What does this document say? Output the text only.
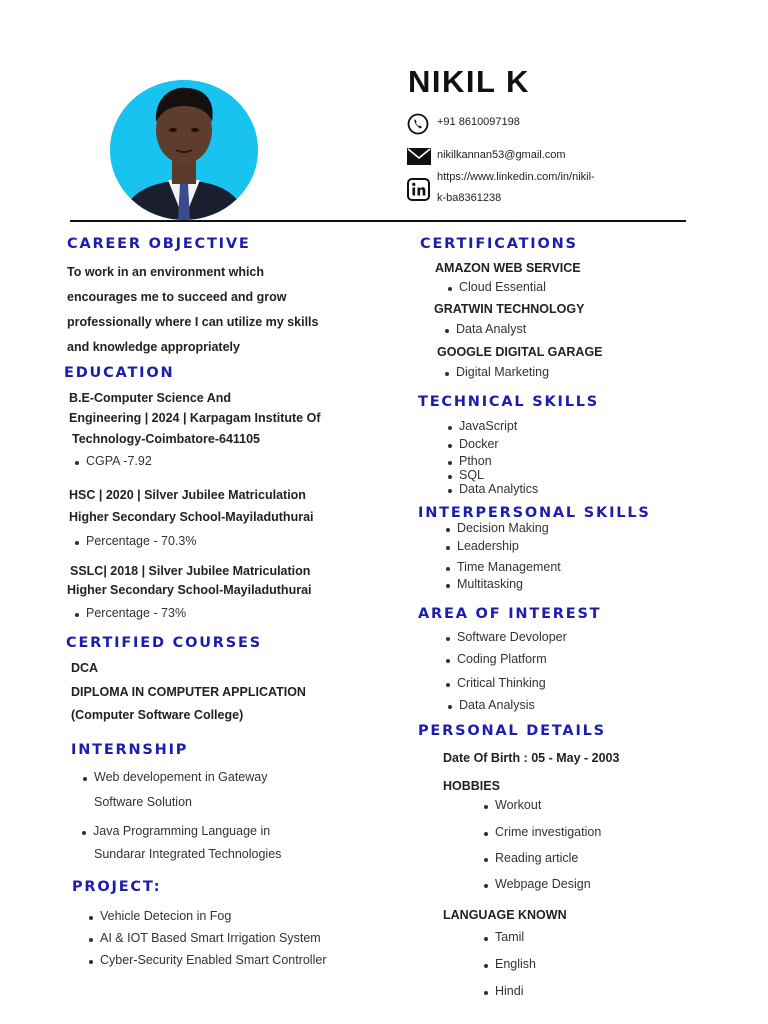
NIKIL K
+91 8610097198
nikilkannan53@gmail.com
https://www.linkedin.com/in/nikil-
k-ba8361238
CAREER OBJECTIVE
To work in an environment which
encourages me to succeed and grow
professionally where I can utilize my skills
and knowledge appropriately
EDUCATION
B.E-Computer Science And
Engineering | 2024 | Karpagam Institute Of
Technology-Coimbatore-641105
CGPA -7.92
HSC | 2020 | Silver Jubilee Matriculation
Higher Secondary School-Mayiladuthurai
Percentage - 70.3%
SSLC| 2018 | Silver Jubilee Matriculation
Higher Secondary School-Mayiladuthurai
Percentage - 73%
CERTIFIED COURSES
DCA
DIPLOMA IN COMPUTER APPLICATION
(Computer Software College)
INTERNSHIP
Web developement in Gateway
Software Solution
Java Programming Language in
Sundarar Integrated Technologies
PROJECT:
Vehicle Detecion in Fog
AI & IOT Based Smart Irrigation System
Cyber-Security Enabled Smart Controller
CERTIFICATIONS
AMAZON WEB SERVICE
Cloud Essential
GRATWIN TECHNOLOGY
Data Analyst
GOOGLE DIGITAL GARAGE
Digital Marketing
TECHNICAL SKILLS
JavaScript
Docker
Pthon
SQL
Data Analytics
INTERPERSONAL SKILLS
Decision Making
Leadership
Time Management
Multitasking
AREA OF INTEREST
Software Devoloper
Coding Platform
Critical Thinking
Data Analysis
PERSONAL DETAILS
Date Of Birth : 05 - May - 2003
HOBBIES
Workout
Crime investigation
Reading article
Webpage Design
LANGUAGE KNOWN
Tamil
English
Hindi
